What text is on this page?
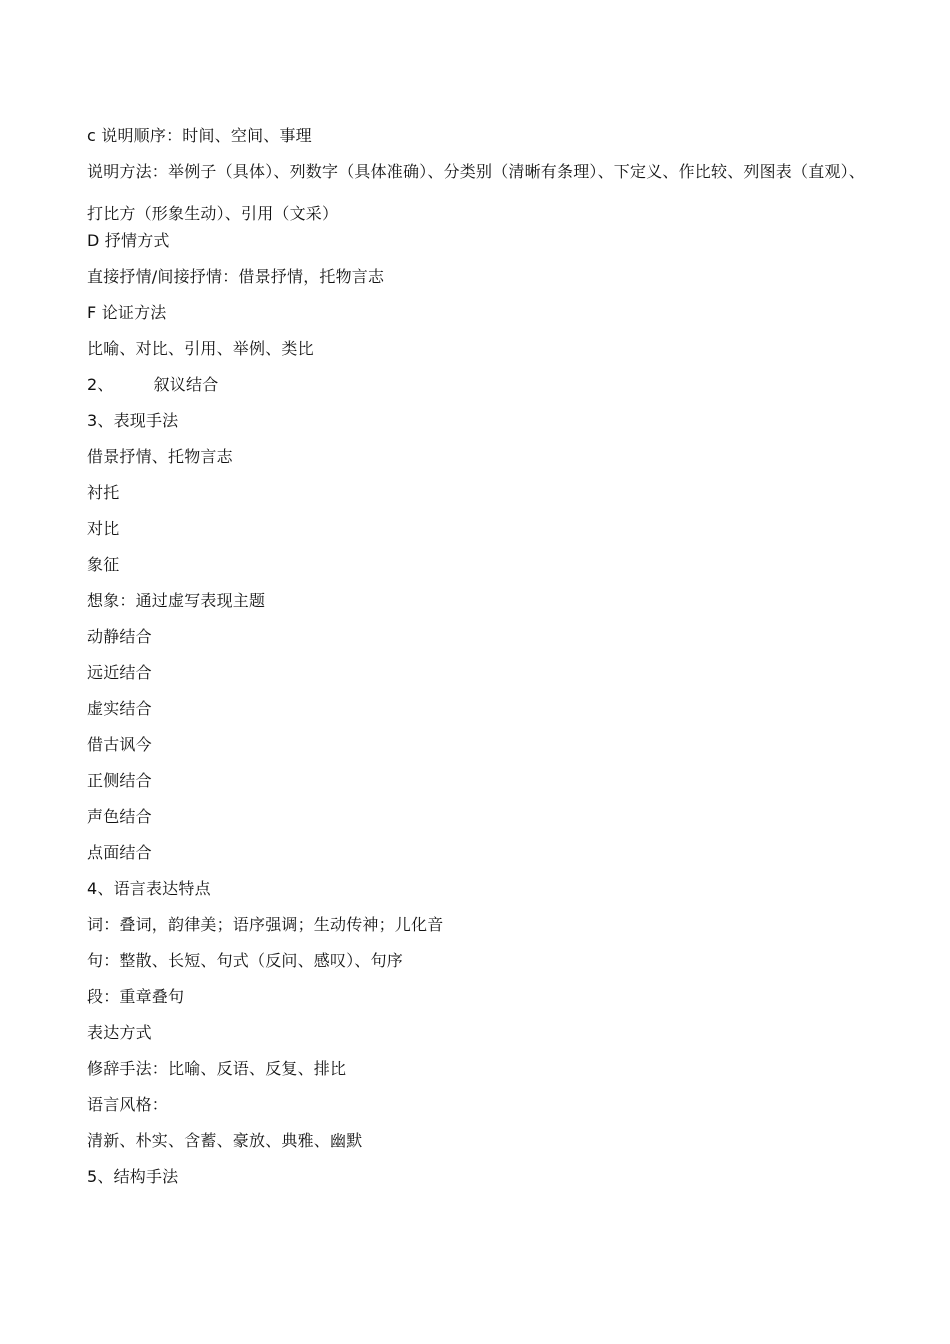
c 说明顺序：时间、空间、事理
说明方法：举例子（具体）、列数字（具体准确）、分类别（清晰有条理）、下定义、作比较、列图表（直观）、打比方（形象生动）、引用（文采）
D 抒情方式
直接抒情/间接抒情：借景抒情，托物言志
F 论证方法
比喻、对比、引用、举例、类比
2、	叙议结合
3、表现手法
借景抒情、托物言志
衬托
对比
象征
想象：通过虚写表现主题
动静结合
远近结合
虚实结合
借古讽今
正侧结合
声色结合
点面结合
4、语言表达特点
词：叠词，韵律美；语序强调；生动传神；儿化音
句：整散、长短、句式（反问、感叹）、句序
段：重章叠句
表达方式
修辞手法：比喻、反语、反复、排比
语言风格：
清新、朴实、含蓄、豪放、典雅、幽默
5、结构手法
